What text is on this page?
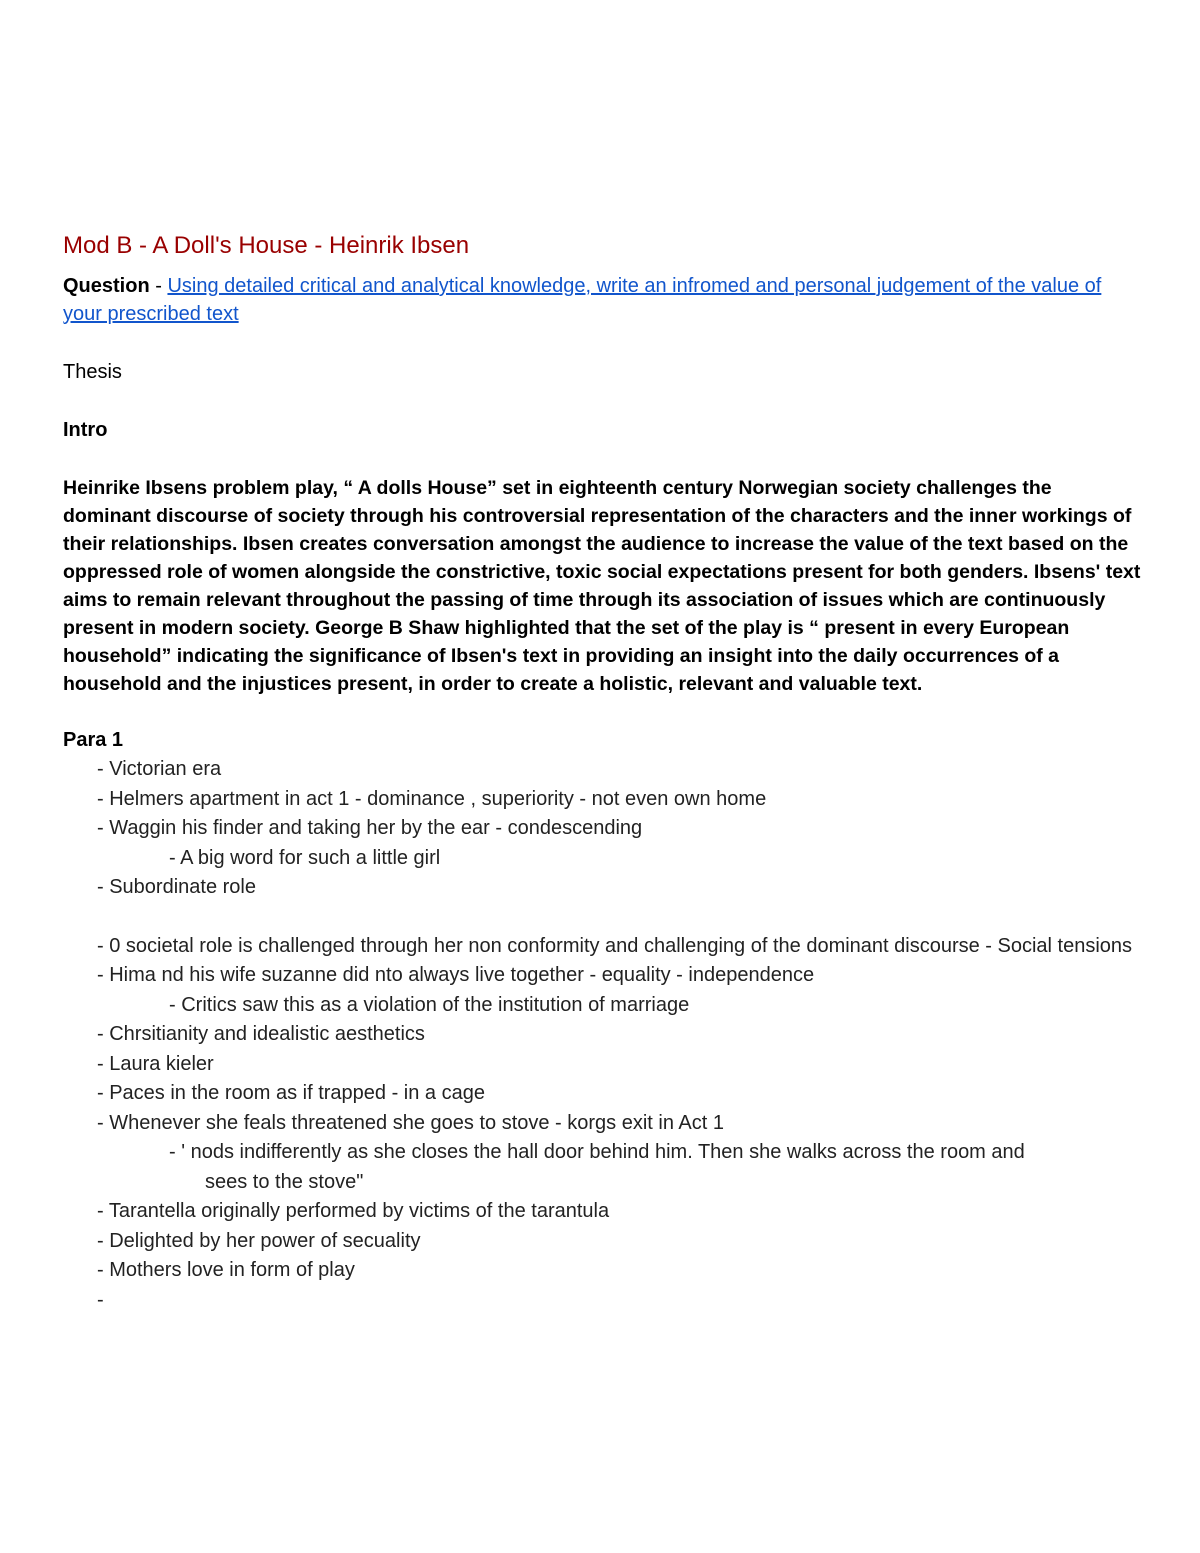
Mod B - A Doll's House - Heinrik Ibsen
Question - Using detailed critical and analytical knowledge, write an infromed and personal judgement of the value of your prescribed text
Thesis
Intro
Heinrike Ibsens problem play, “ A dolls House” set in eighteenth century Norwegian society challenges the dominant discourse of society through his controversial representation of the characters and the inner workings of their relationships. Ibsen creates conversation amongst the audience to increase the value of the text based on the oppressed role of women alongside the constrictive, toxic social expectations present for both genders. Ibsens' text aims to remain relevant throughout the passing of time through its association of issues which are continuously present in modern society. George B Shaw highlighted that the set of the play is “ present in every European household” indicating the significance of Ibsen's text in providing an insight into the daily occurrences of a household and the injustices present, in order to create a holistic, relevant and valuable text.
Para 1
- Victorian era
- Helmers apartment in act 1 - dominance , superiority - not even own home
- Waggin his finder and taking her by the ear - condescending
- A big word for such a little girl
- Subordinate role
- 0 societal role is challenged through her non conformity and challenging of the dominant discourse - Social tensions
- Hima nd his wife suzanne did nto always live together - equality - independence
- Critics saw this as a violation of the institution of marriage
- Chrsitianity and idealistic aesthetics
- Laura kieler
- Paces in the room as if trapped - in a cage
- Whenever she feals threatened she goes to stove - korgs exit in Act 1
- ' nods indifferently as she closes the hall door behind him. Then she walks across the room and
sees to the stove"
- Tarantella originally performed by victims of the tarantula
- Delighted by her power of secuality
- Mothers love in form of play
-
